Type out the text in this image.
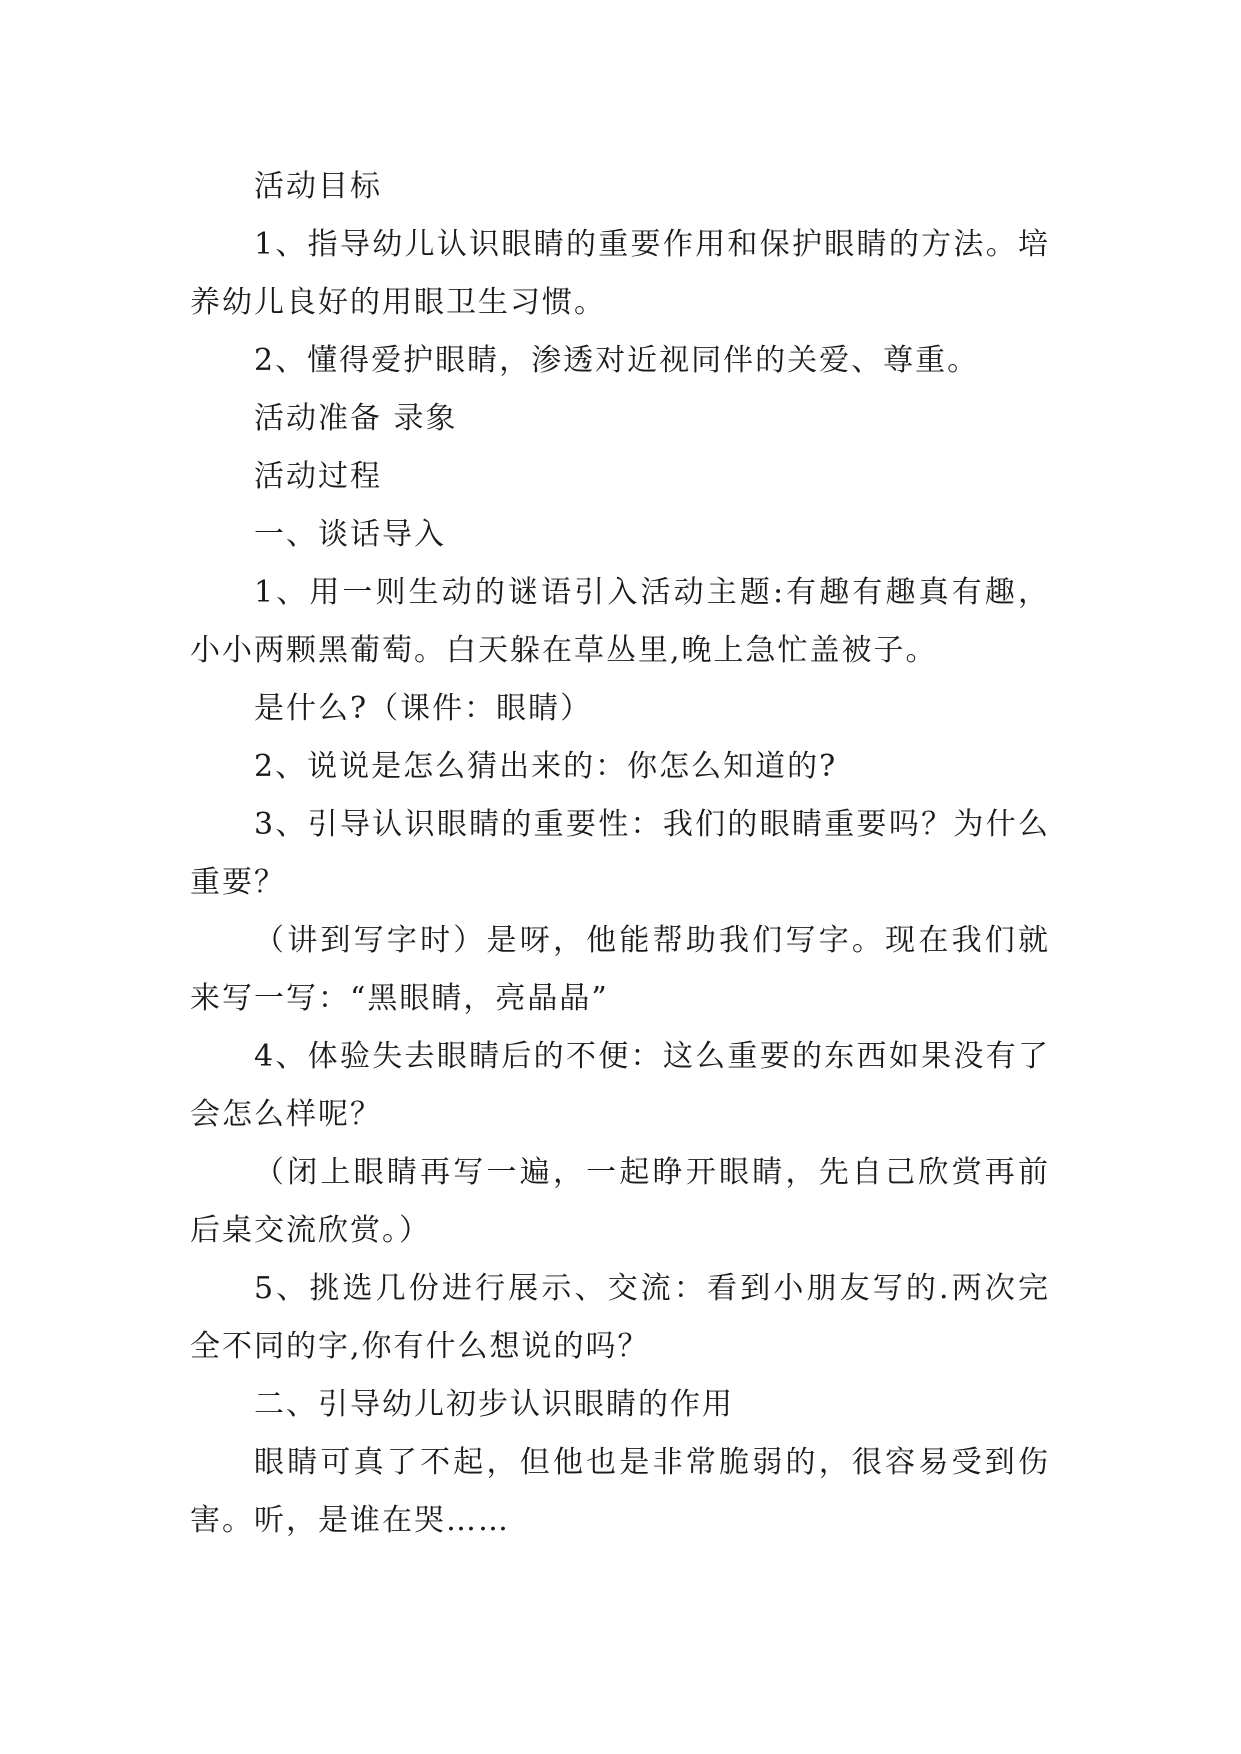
活动目标

1、指导幼儿认识眼睛的重要作用和保护眼睛的方法。培养幼儿良好的用眼卫生习惯。

2、懂得爱护眼睛，渗透对近视同伴的关爱、尊重。

活动准备 录象

活动过程

一、谈话导入

1、用一则生动的谜语引入活动主题:有趣有趣真有趣，小小两颗黑葡萄。白天躲在草丛里,晚上急忙盖被子。

是什么?（课件：眼睛）

2、说说是怎么猜出来的：你怎么知道的?

3、引导认识眼睛的重要性：我们的眼睛重要吗？为什么重要？

（讲到写字时）是呀，他能帮助我们写字。现在我们就来写一写：“黑眼睛，亮晶晶”

4、体验失去眼睛后的不便：这么重要的东西如果没有了会怎么样呢？

（闭上眼睛再写一遍，一起睁开眼睛，先自己欣赏再前后桌交流欣赏。）

5、挑选几份进行展示、交流：看到小朋友写的.两次完全不同的字,你有什么想说的吗？

二、引导幼儿初步认识眼睛的作用

眼睛可真了不起，但他也是非常脆弱的，很容易受到伤害。听，是谁在哭……
